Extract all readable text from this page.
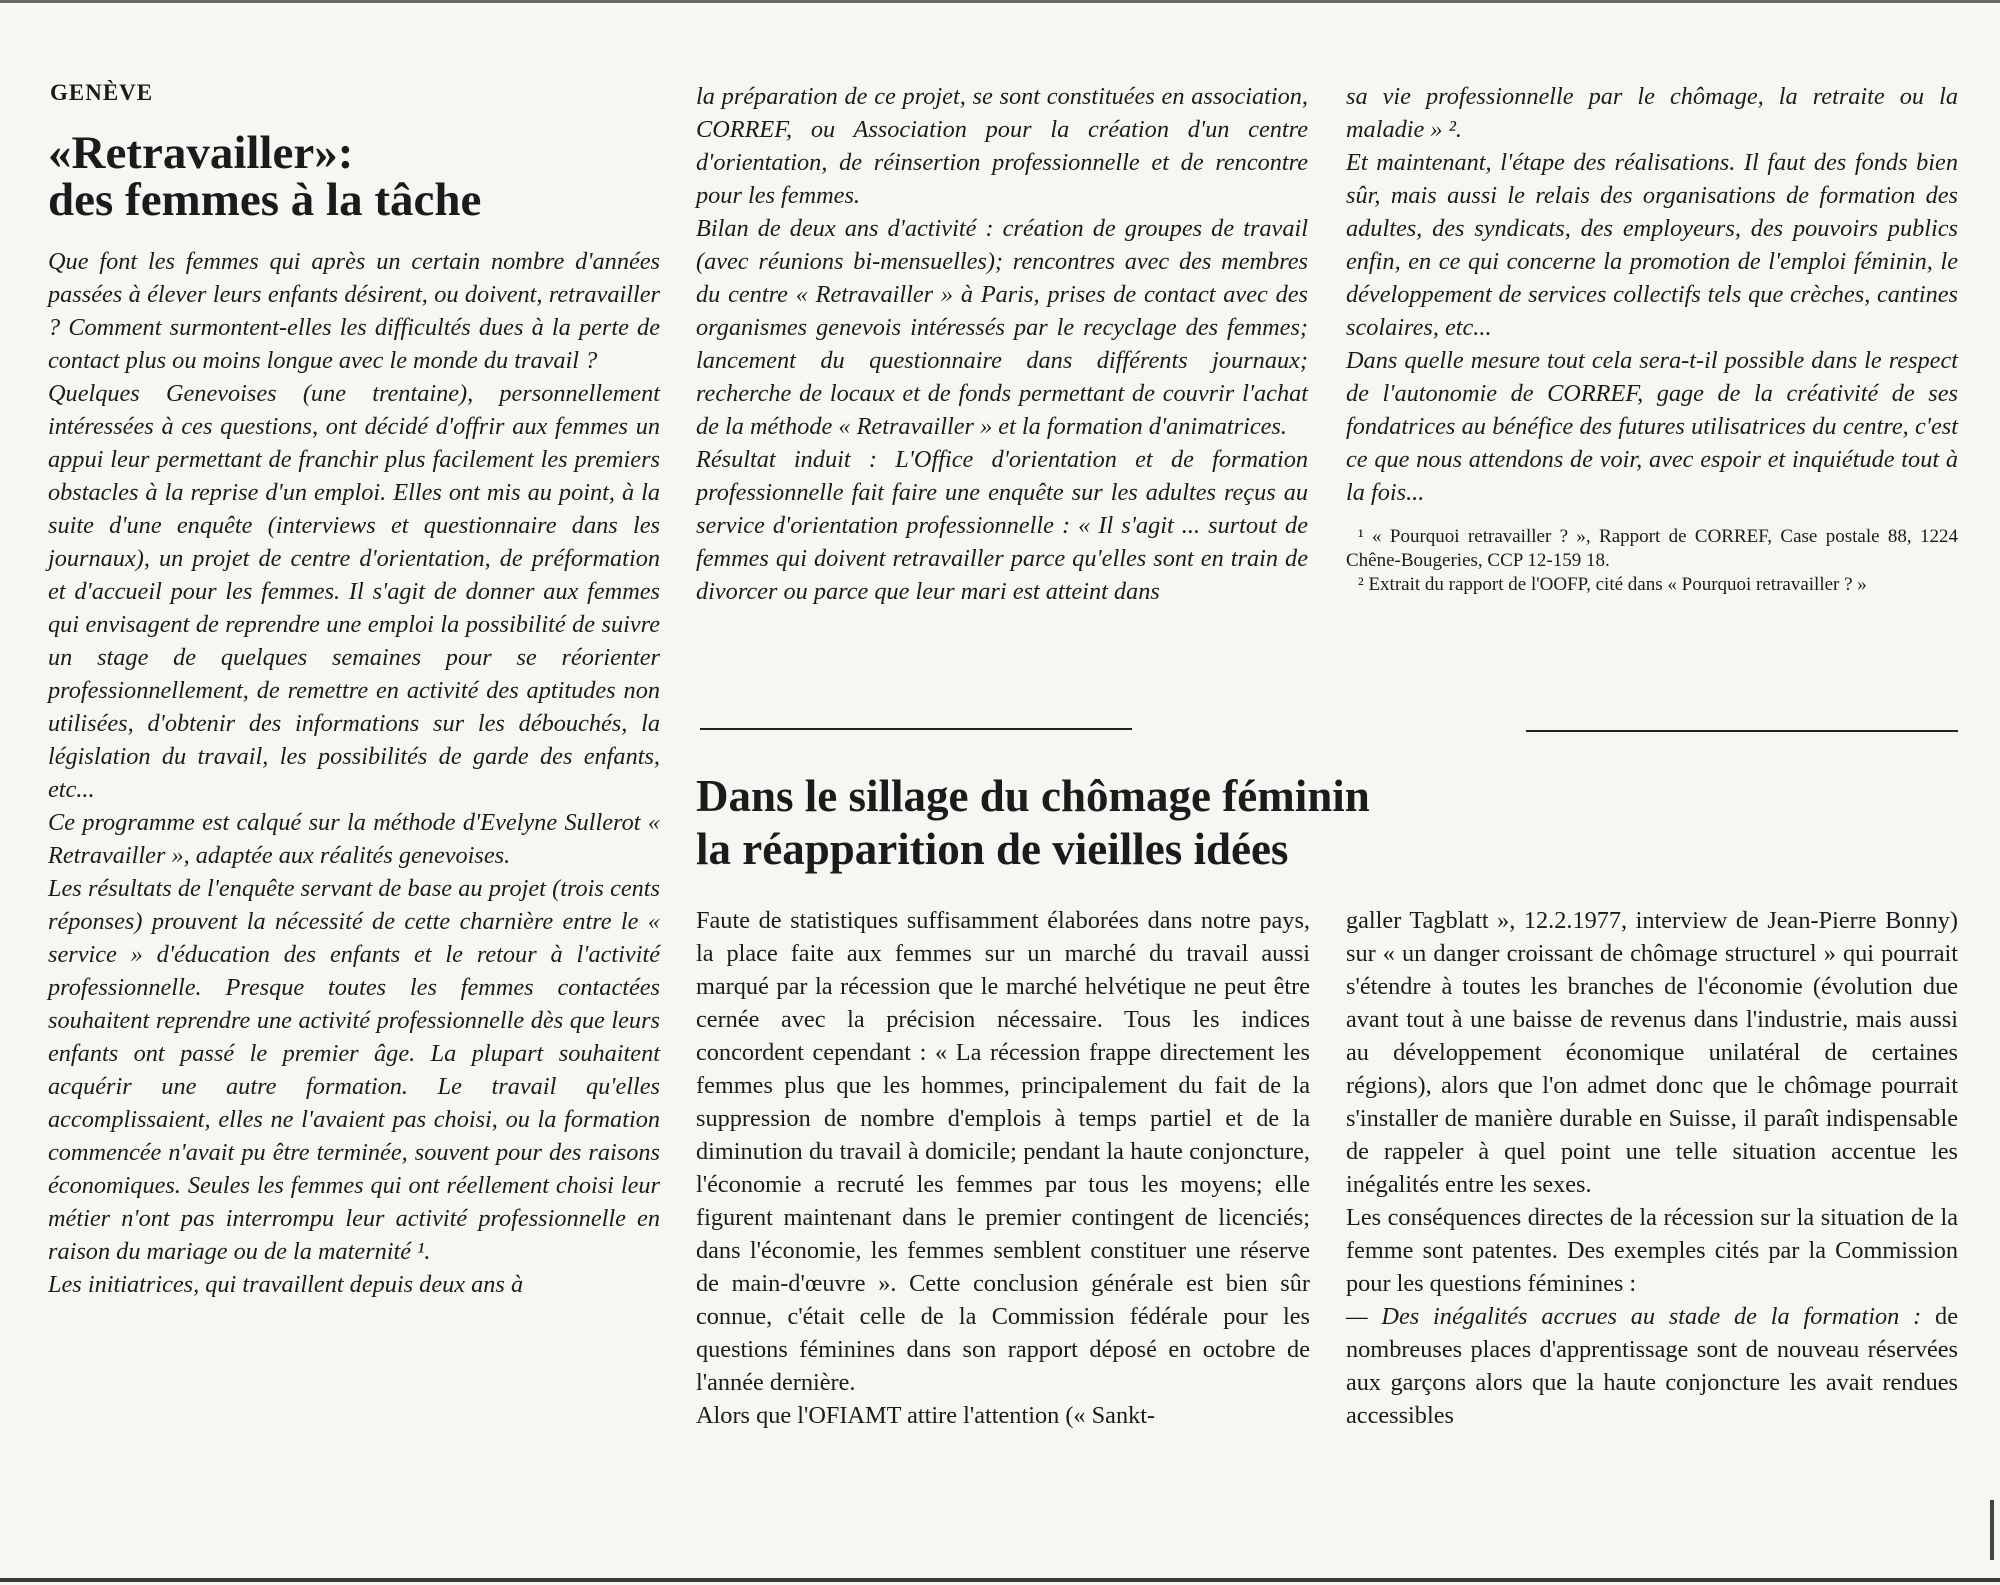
GENÈVE
«Retravailler»:
des femmes à la tâche

Que font les femmes qui après un certain nombre d'années passées à élever leurs enfants désirent, ou doivent, retravailler ? Comment surmontent-elles les difficultés dues à la perte de contact plus ou moins longue avec le monde du travail ?

Quelques Genevoises (une trentaine), personnellement intéressées à ces questions, ont décidé d'offrir aux femmes un appui leur permettant de franchir plus facilement les premiers obstacles à la reprise d'un emploi. Elles ont mis au point, à la suite d'une enquête (interviews et questionnaire dans les journaux), un projet de centre d'orientation, de préformation et d'accueil pour les femmes. Il s'agit de donner aux femmes qui envisagent de reprendre une emploi la possibilité de suivre un stage de quelques semaines pour se réorienter professionnellement, de remettre en activité des aptitudes non utilisées, d'obtenir des informations sur les débouchés, la législation du travail, les possibilités de garde des enfants, etc...

Ce programme est calqué sur la méthode d'Evelyne Sullerot « Retravailler », adaptée aux réalités genevoises.

Les résultats de l'enquête servant de base au projet (trois cents réponses) prouvent la nécessité de cette charnière entre le « service » d'éducation des enfants et le retour à l'activité professionnelle. Presque toutes les femmes contactées souhaitent reprendre une activité professionnelle dès que leurs enfants ont passé le premier âge. La plupart souhaitent acquérir une autre formation. Le travail qu'elles accomplissaient, elles ne l'avaient pas choisi, ou la formation commencée n'avait pu être terminée, souvent pour des raisons économiques. Seules les femmes qui ont réellement choisi leur métier n'ont pas interrompu leur activité professionnelle en raison du mariage ou de la maternité ¹.

Les initiatrices, qui travaillent depuis deux ans à

la préparation de ce projet, se sont constituées en association, CORREF, ou Association pour la création d'un centre d'orientation, de réinsertion professionnelle et de rencontre pour les femmes.

Bilan de deux ans d'activité : création de groupes de travail (avec réunions bi-mensuelles); rencontres avec des membres du centre « Retravailler » à Paris, prises de contact avec des organismes genevois intéressés par le recyclage des femmes; lancement du questionnaire dans différents journaux; recherche de locaux et de fonds permettant de couvrir l'achat de la méthode « Retravailler » et la formation d'animatrices.

Résultat induit : L'Office d'orientation et de formation professionnelle fait faire une enquête sur les adultes reçus au service d'orientation professionnelle : « Il s'agit ... surtout de femmes qui doivent retravailler parce qu'elles sont en train de divorcer ou parce que leur mari est atteint dans

sa vie professionnelle par le chômage, la retraite ou la maladie » ².

Et maintenant, l'étape des réalisations. Il faut des fonds bien sûr, mais aussi le relais des organisations de formation des adultes, des syndicats, des employeurs, des pouvoirs publics enfin, en ce qui concerne la promotion de l'emploi féminin, le développement de services collectifs tels que crèches, cantines scolaires, etc...

Dans quelle mesure tout cela sera-t-il possible dans le respect de l'autonomie de CORREF, gage de la créativité de ses fondatrices au bénéfice des futures utilisatrices du centre, c'est ce que nous attendons de voir, avec espoir et inquiétude tout à la fois...

¹ « Pourquoi retravailler ? », Rapport de CORREF, Case postale 88, 1224 Chêne-Bougeries, CCP 12-159 18.

² Extrait du rapport de l'OOFP, cité dans « Pourquoi retravailler ? »

Dans le sillage du chômage féminin
la réapparition de vieilles idées

Faute de statistiques suffisamment élaborées dans notre pays, la place faite aux femmes sur un marché du travail aussi marqué par la récession que le marché helvétique ne peut être cernée avec la précision nécessaire. Tous les indices concordent cependant : « La récession frappe directement les femmes plus que les hommes, principalement du fait de la suppression de nombre d'emplois à temps partiel et de la diminution du travail à domicile; pendant la haute conjoncture, l'économie a recruté les femmes par tous les moyens; elle figurent maintenant dans le premier contingent de licenciés; dans l'économie, les femmes semblent constituer une réserve de main-d'œuvre ». Cette conclusion générale est bien sûr connue, c'était celle de la Commission fédérale pour les questions féminines dans son rapport déposé en octobre de l'année dernière.

Alors que l'OFIAMT attire l'attention (« Sankt-

galler Tagblatt », 12.2.1977, interview de Jean-Pierre Bonny) sur « un danger croissant de chômage structurel » qui pourrait s'étendre à toutes les branches de l'économie (évolution due avant tout à une baisse de revenus dans l'industrie, mais aussi au développement économique unilatéral de certaines régions), alors que l'on admet donc que le chômage pourrait s'installer de manière durable en Suisse, il paraît indispensable de rappeler à quel point une telle situation accentue les inégalités entre les sexes.

Les conséquences directes de la récession sur la situation de la femme sont patentes. Des exemples cités par la Commission pour les questions féminines :

— Des inégalités accrues au stade de la formation : de nombreuses places d'apprentissage sont de nouveau réservées aux garçons alors que la haute conjoncture les avait rendues accessibles
